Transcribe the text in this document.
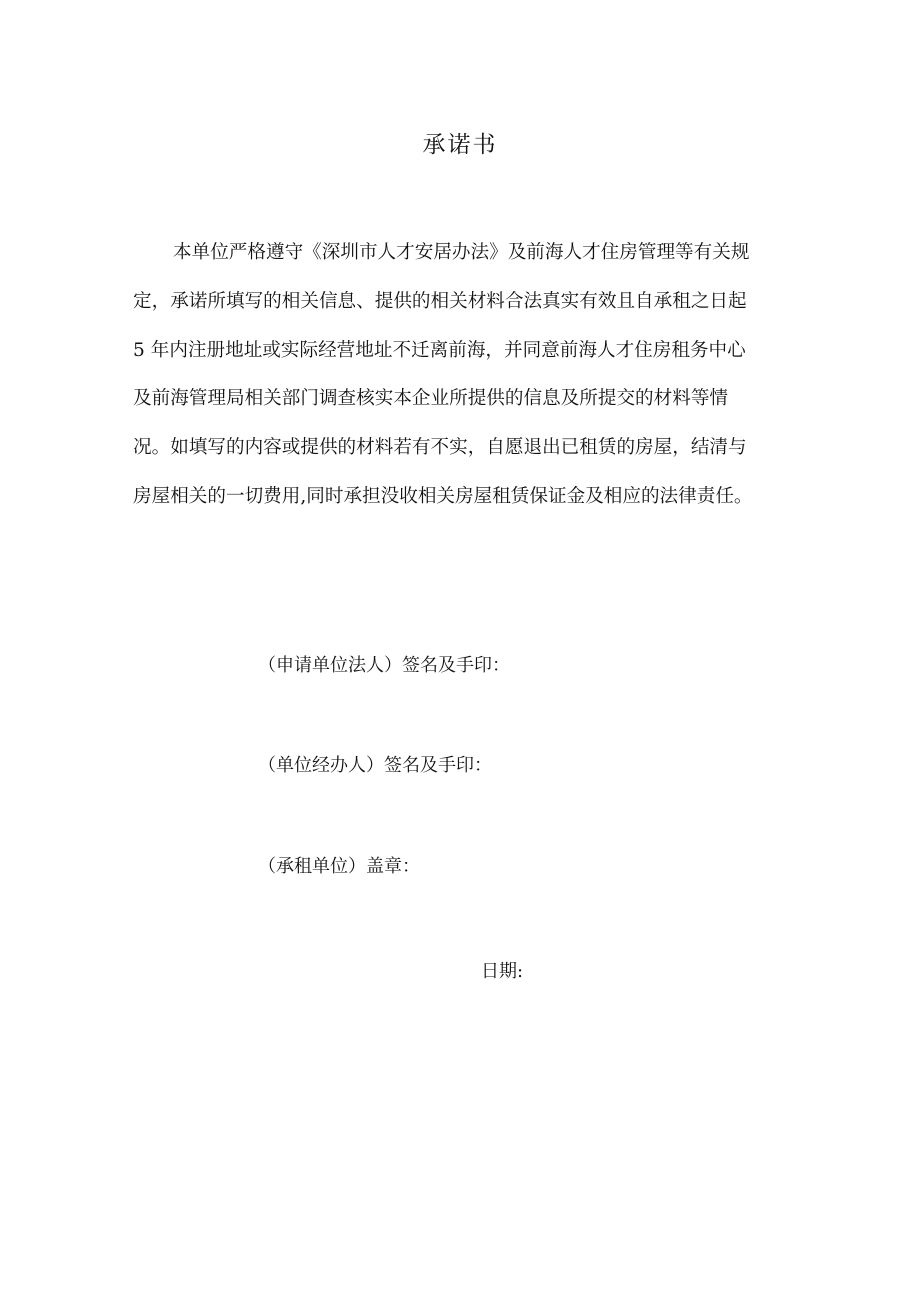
承诺书

本单位严格遵守《深圳市人才安居办法》及前海人才住房管理等有关规
定，承诺所填写的相关信息、提供的相关材料合法真实有效且自承租之日起
5 年内注册地址或实际经营地址不迁离前海，并同意前海人才住房租务中心
及前海管理局相关部门调查核实本企业所提供的信息及所提交的材料等情
况。如填写的内容或提供的材料若有不实，自愿退出已租赁的房屋，结清与
房屋相关的一切费用,同时承担没收相关房屋租赁保证金及相应的法律责任。

（申请单位法人）签名及手印：
（单位经办人）签名及手印：
（承租单位）盖章：
日期:
